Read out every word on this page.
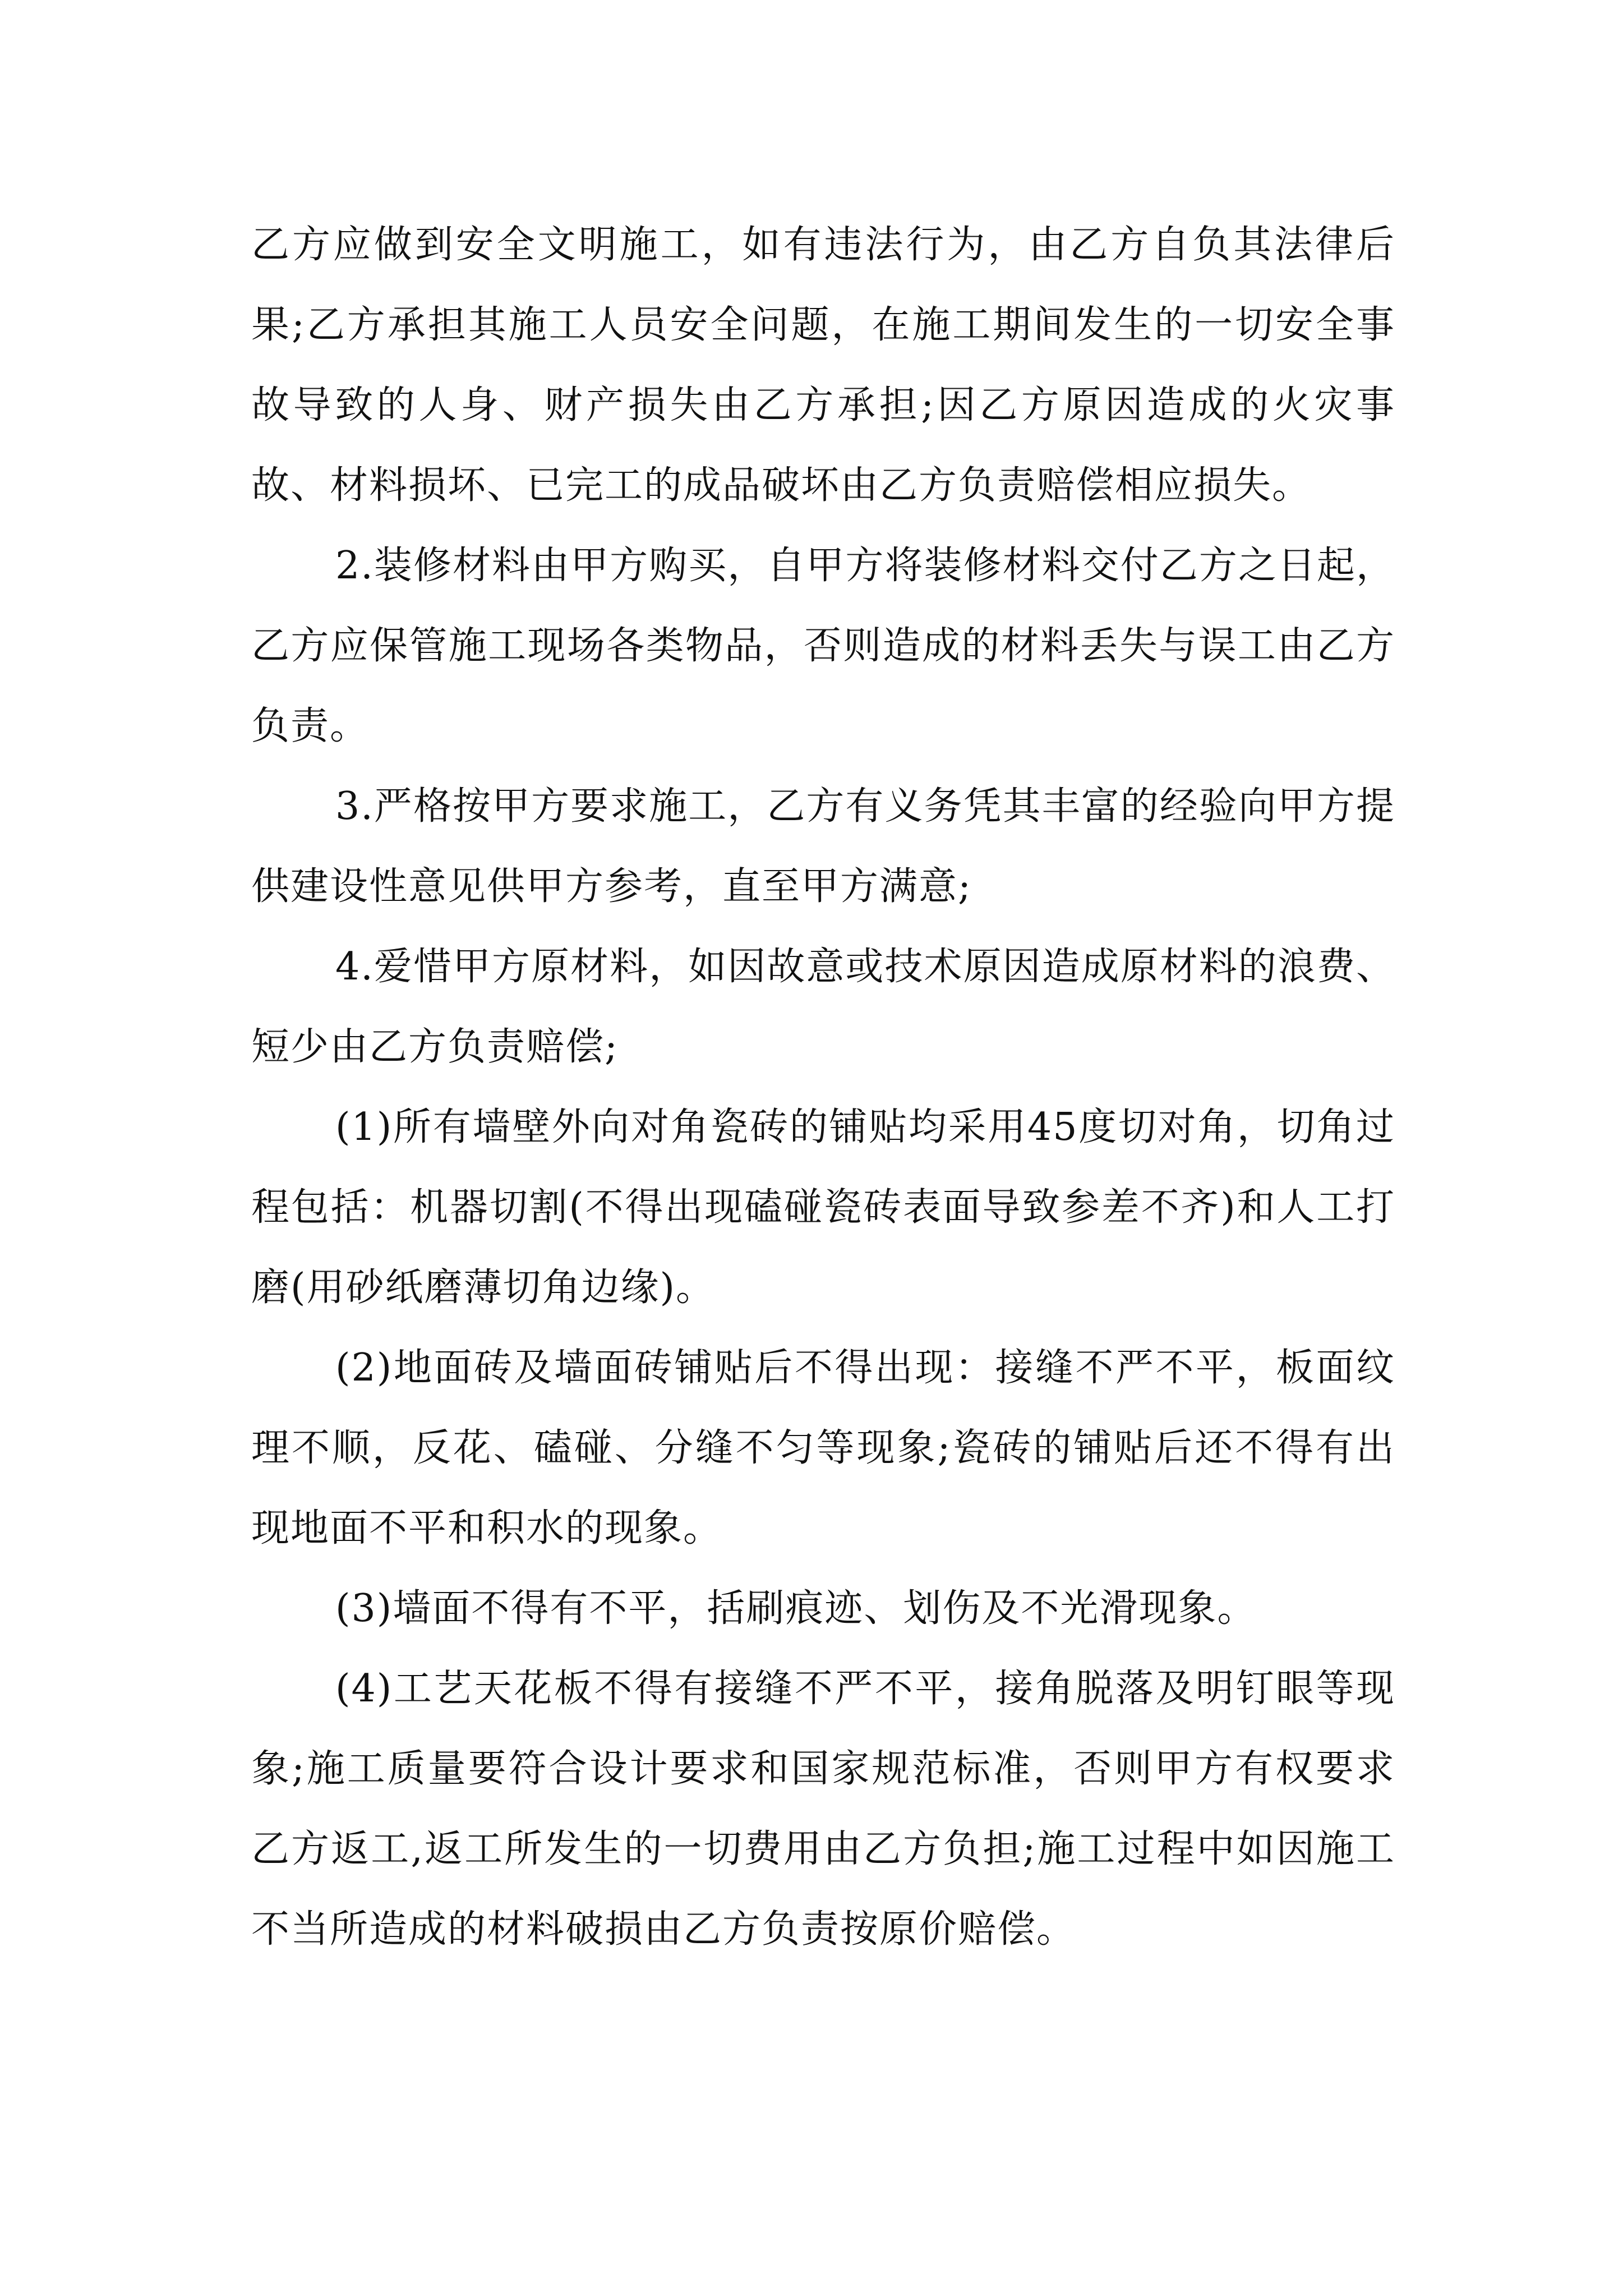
乙方应做到安全文明施工，如有违法行为，由乙方自负其法律后果;乙方承担其施工人员安全问题，在施工期间发生的一切安全事故导致的人身、财产损失由乙方承担;因乙方原因造成的火灾事故、材料损坏、已完工的成品破坏由乙方负责赔偿相应损失。

2.装修材料由甲方购买，自甲方将装修材料交付乙方之日起，乙方应保管施工现场各类物品，否则造成的材料丢失与误工由乙方负责。

3.严格按甲方要求施工，乙方有义务凭其丰富的经验向甲方提供建设性意见供甲方参考，直至甲方满意;

4.爱惜甲方原材料，如因故意或技术原因造成原材料的浪费、短少由乙方负责赔偿;

(1)所有墙壁外向对角瓷砖的铺贴均采用45度切对角，切角过程包括：机器切割(不得出现磕碰瓷砖表面导致参差不齐)和人工打磨(用砂纸磨薄切角边缘)。

(2)地面砖及墙面砖铺贴后不得出现：接缝不严不平，板面纹理不顺，反花、磕碰、分缝不匀等现象;瓷砖的铺贴后还不得有出现地面不平和积水的现象。

(3)墙面不得有不平，括刷痕迹、划伤及不光滑现象。

(4)工艺天花板不得有接缝不严不平，接角脱落及明钉眼等现象;施工质量要符合设计要求和国家规范标准，否则甲方有权要求乙方返工,返工所发生的一切费用由乙方负担;施工过程中如因施工不当所造成的材料破损由乙方负责按原价赔偿。
